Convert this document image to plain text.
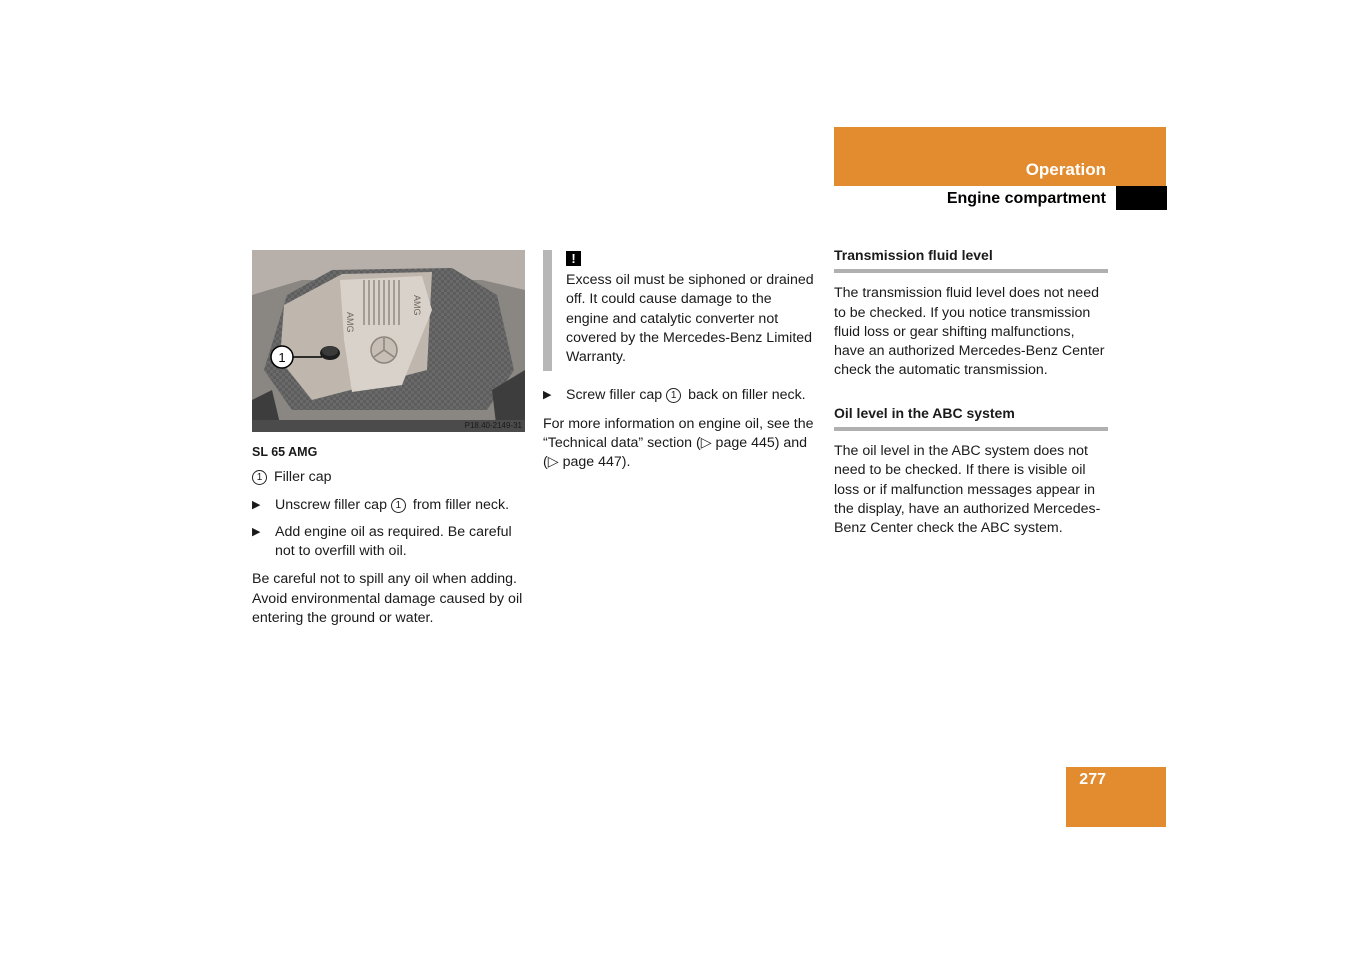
Operation
Engine compartment
AMG
AMG
1
P18.40-2149-31

SL 65 AMG

1 Filler cap

▶ Unscrew filler cap 1 from filler neck.

▶ Add engine oil as required. Be careful not to overfill with oil.

Be careful not to spill any oil when adding. Avoid environmental damage caused by oil entering the ground or water.

!

Excess oil must be siphoned or drained off. It could cause damage to the engine and catalytic converter not covered by the Mercedes-Benz Limited Warranty.

▶ Screw filler cap 1 back on filler neck.

For more information on engine oil, see the “Technical data” section (▷ page 445) and (▷ page 447).

Transmission fluid level

The transmission fluid level does not need to be checked. If you notice transmission fluid loss or gear shifting malfunctions, have an authorized Mercedes-Benz Center check the automatic transmission.

Oil level in the ABC system

The oil level in the ABC system does not need to be checked. If there is visible oil loss or if malfunction messages appear in the display, have an authorized Mercedes-Benz Center check the ABC system.

277
